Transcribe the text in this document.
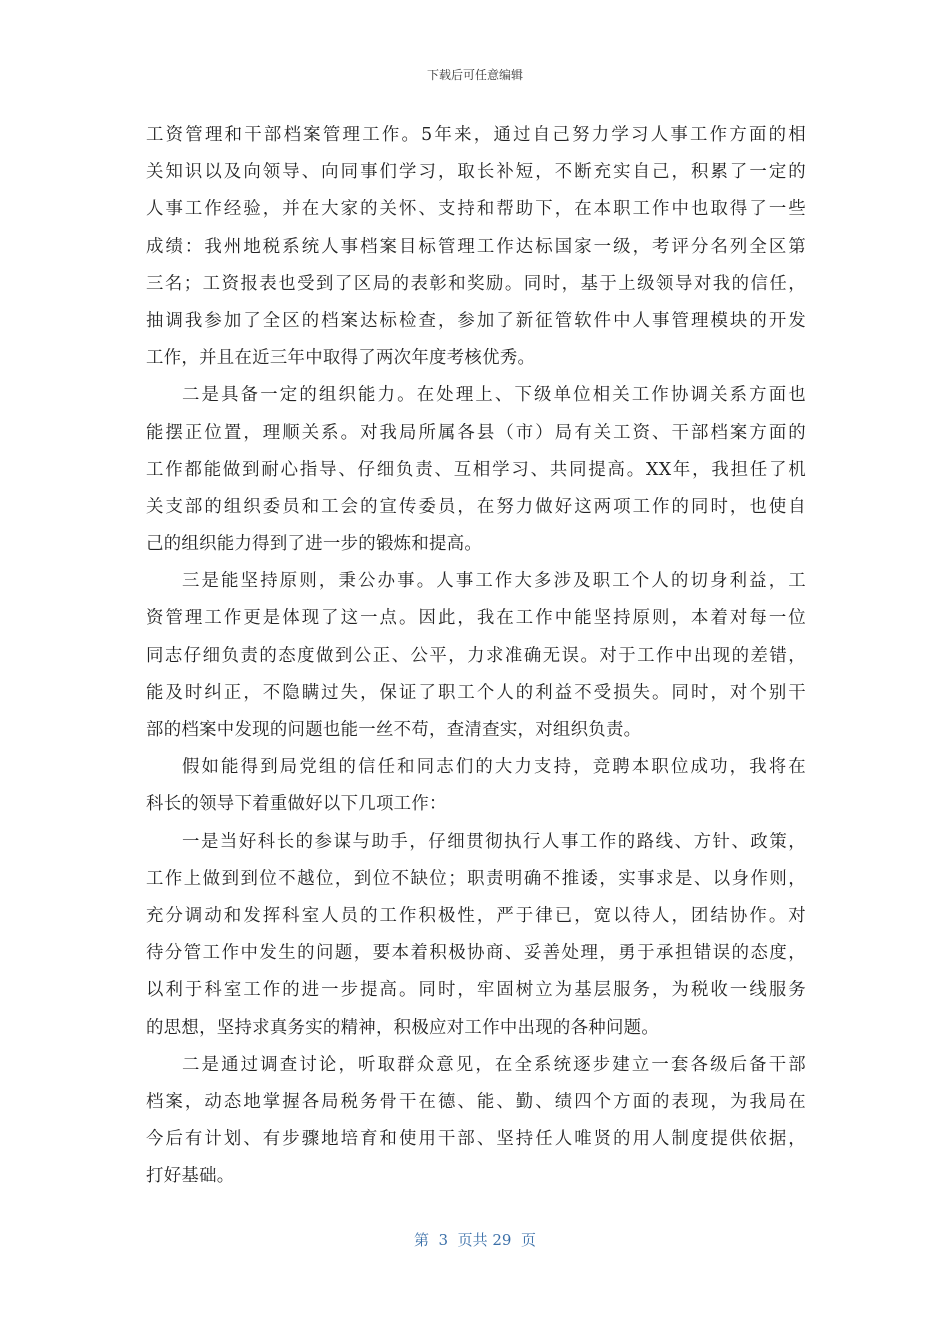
下载后可任意编辑
工资管理和干部档案管理工作。5年来，通过自己努力学习人事工作方面的相
关知识以及向领导、向同事们学习，取长补短，不断充实自己，积累了一定的
人事工作经验，并在大家的关怀、支持和帮助下，在本职工作中也取得了一些
成绩：我州地税系统人事档案目标管理工作达标国家一级，考评分名列全区第
三名；工资报表也受到了区局的表彰和奖励。同时，基于上级领导对我的信任，
抽调我参加了全区的档案达标检查，参加了新征管软件中人事管理模块的开发
工作，并且在近三年中取得了两次年度考核优秀。
二是具备一定的组织能力。在处理上、下级单位相关工作协调关系方面也
能摆正位置，理顺关系。对我局所属各县（市）局有关工资、干部档案方面的
工作都能做到耐心指导、仔细负责、互相学习、共同提高。XX年，我担任了机
关支部的组织委员和工会的宣传委员，在努力做好这两项工作的同时，也使自
己的组织能力得到了进一步的锻炼和提高。
三是能坚持原则，秉公办事。人事工作大多涉及职工个人的切身利益，工
资管理工作更是体现了这一点。因此，我在工作中能坚持原则，本着对每一位
同志仔细负责的态度做到公正、公平，力求准确无误。对于工作中出现的差错，
能及时纠正，不隐瞒过失，保证了职工个人的利益不受损失。同时，对个别干
部的档案中发现的问题也能一丝不苟，查清查实，对组织负责。
假如能得到局党组的信任和同志们的大力支持，竞聘本职位成功，我将在
科长的领导下着重做好以下几项工作：
一是当好科长的参谋与助手，仔细贯彻执行人事工作的路线、方针、政策，
工作上做到到位不越位，到位不缺位；职责明确不推诿，实事求是、以身作则，
充分调动和发挥科室人员的工作积极性，严于律已，宽以待人，团结协作。对
待分管工作中发生的问题，要本着积极协商、妥善处理，勇于承担错误的态度，
以利于科室工作的进一步提高。同时，牢固树立为基层服务，为税收一线服务
的思想，坚持求真务实的精神，积极应对工作中出现的各种问题。
二是通过调查讨论，听取群众意见，在全系统逐步建立一套各级后备干部
档案，动态地掌握各局税务骨干在德、能、勤、绩四个方面的表现，为我局在
今后有计划、有步骤地培育和使用干部、坚持任人唯贤的用人制度提供依据，
打好基础。
第  3  页共 29  页
